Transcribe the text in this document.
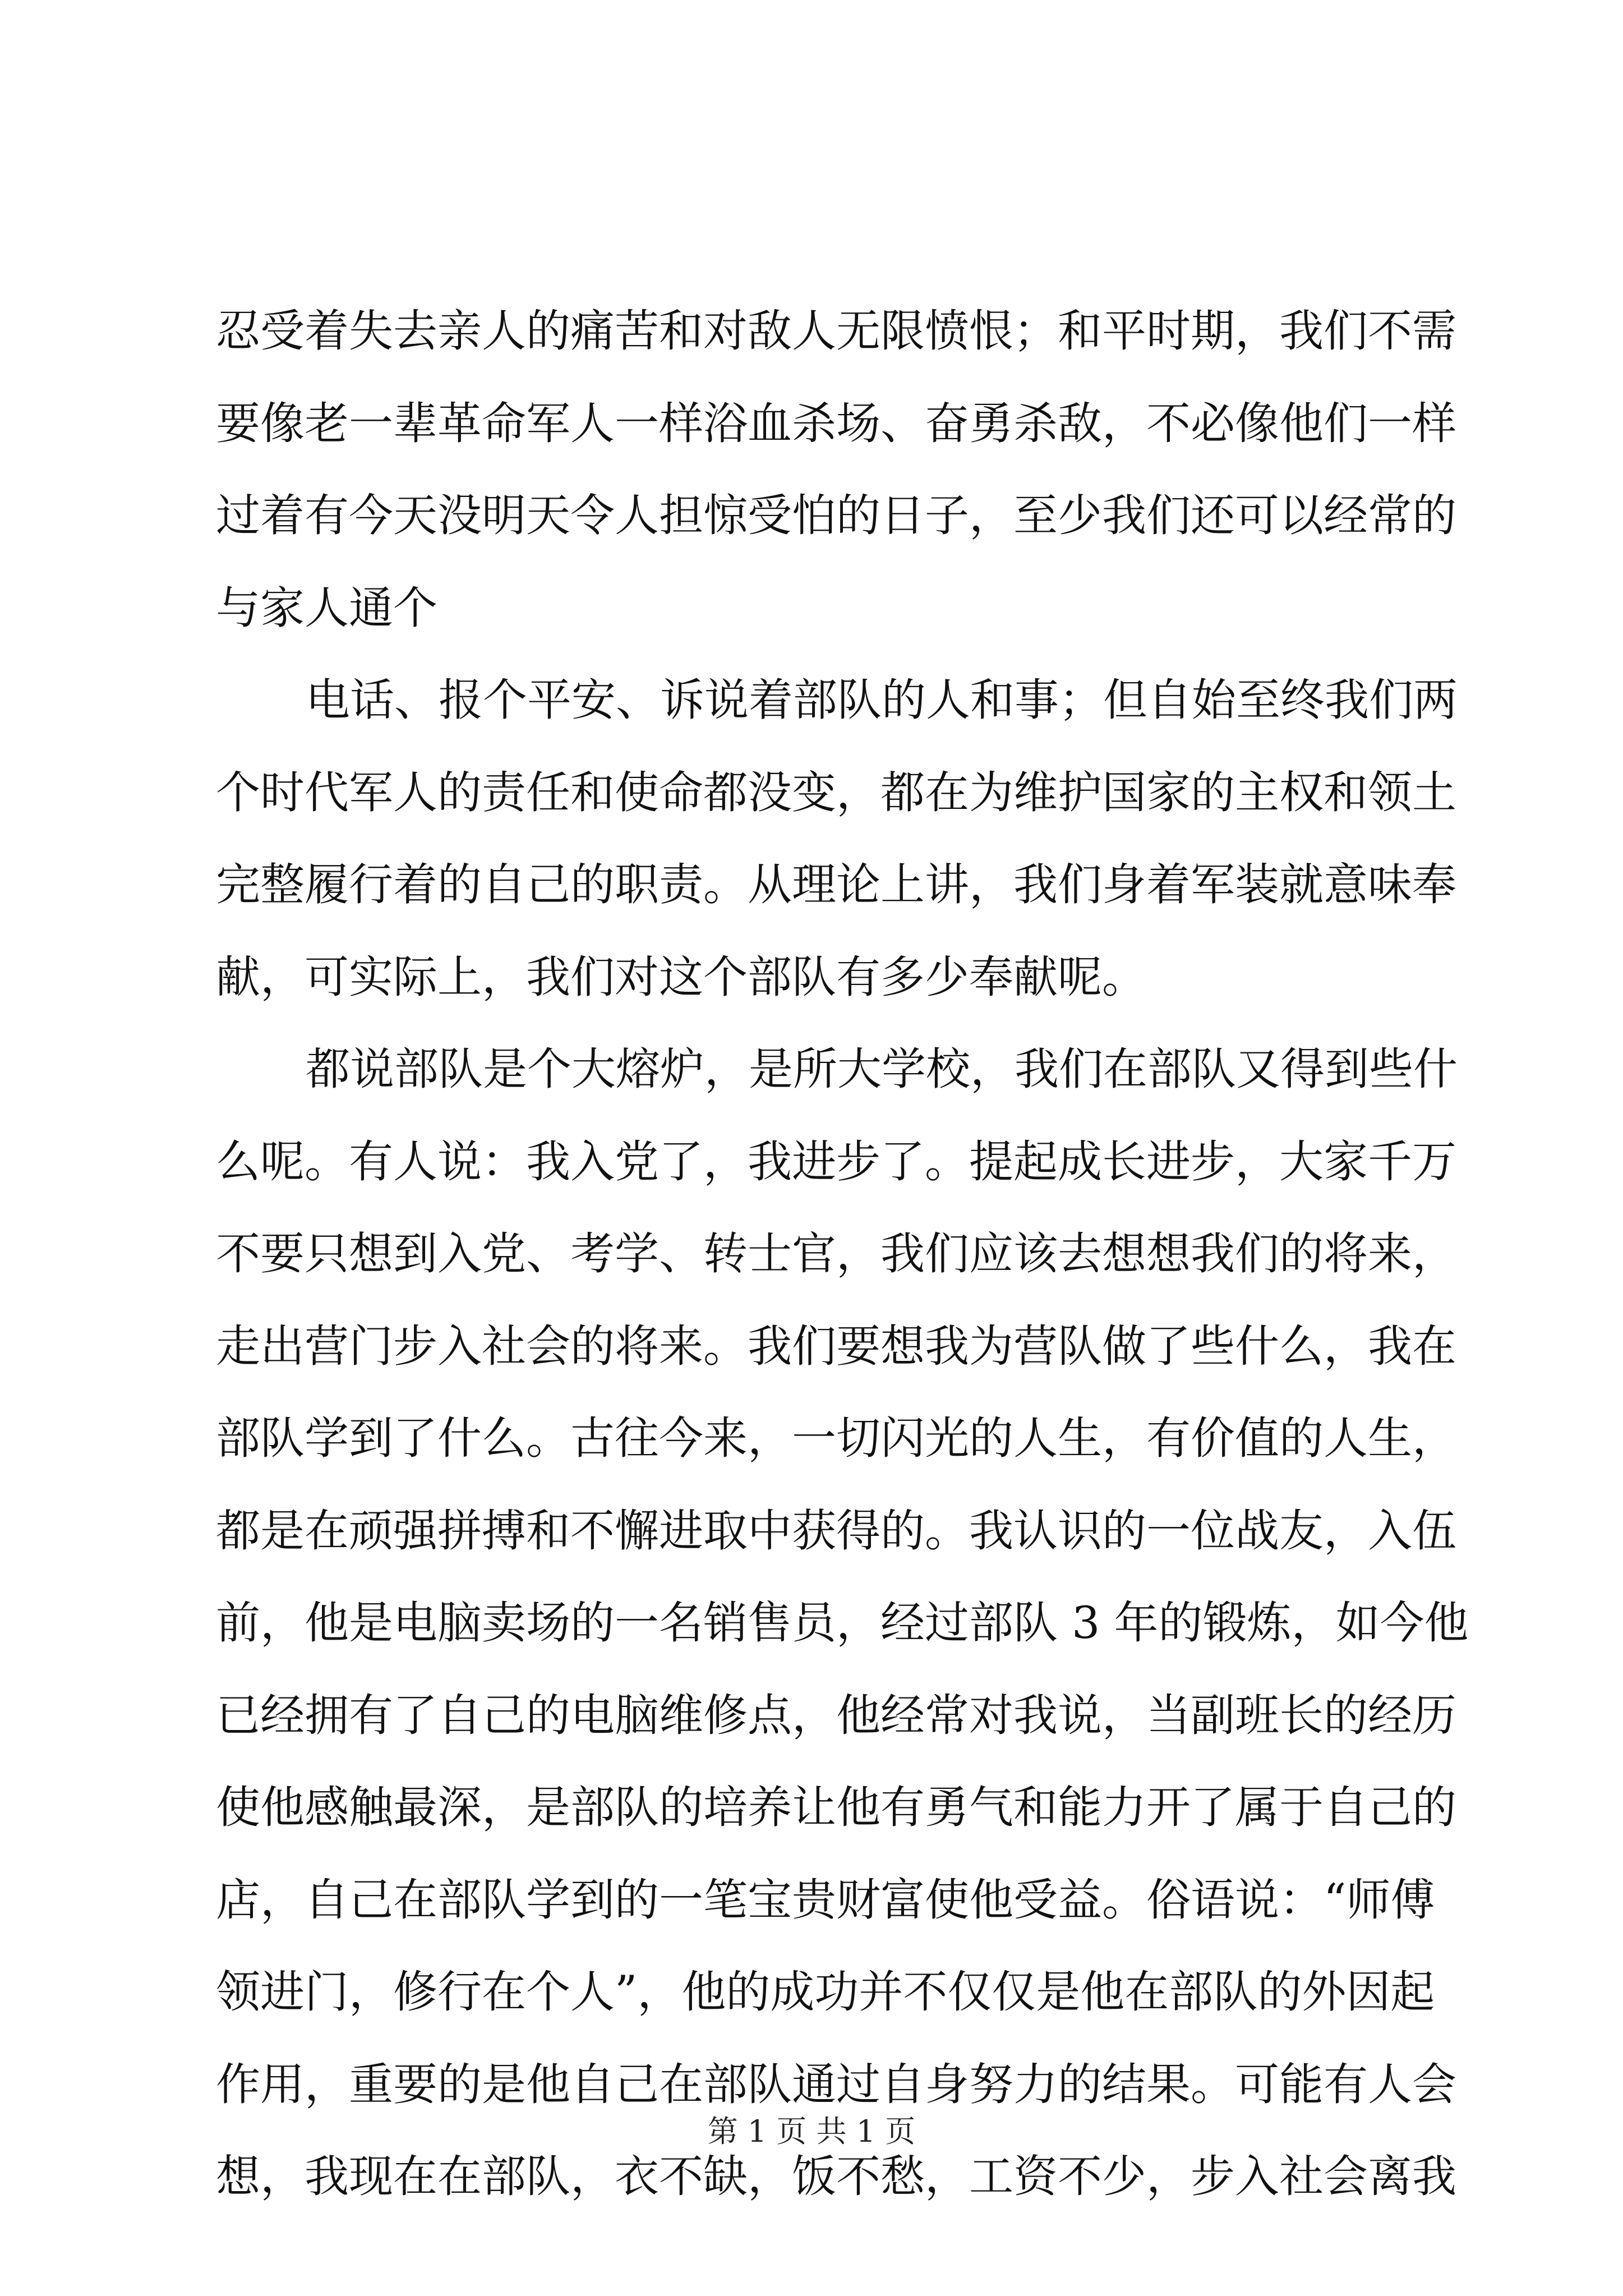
忍受着失去亲人的痛苦和对敌人无限愤恨；和平时期，我们不需
要像老一辈革命军人一样浴血杀场、奋勇杀敌，不必像他们一样
过着有今天没明天令人担惊受怕的日子，至少我们还可以经常的
与家人通个
电话、报个平安、诉说着部队的人和事；但自始至终我们两
个时代军人的责任和使命都没变，都在为维护国家的主权和领土
完整履行着的自己的职责。从理论上讲，我们身着军装就意味奉
献，可实际上，我们对这个部队有多少奉献呢。
都说部队是个大熔炉，是所大学校，我们在部队又得到些什
么呢。有人说：我入党了，我进步了。提起成长进步，大家千万
不要只想到入党、考学、转士官，我们应该去想想我们的将来，
走出营门步入社会的将来。我们要想我为营队做了些什么，我在
部队学到了什么。古往今来，一切闪光的人生，有价值的人生，
都是在顽强拼搏和不懈进取中获得的。我认识的一位战友，入伍
前，他是电脑卖场的一名销售员，经过部队 3 年的锻炼，如今他
已经拥有了自己的电脑维修点，他经常对我说，当副班长的经历
使他感触最深，是部队的培养让他有勇气和能力开了属于自己的
店，自己在部队学到的一笔宝贵财富使他受益。俗语说：“师傅
领进门，修行在个人”，他的成功并不仅仅是他在部队的外因起
作用，重要的是他自己在部队通过自身努力的结果。可能有人会
想，我现在在部队，衣不缺，饭不愁，工资不少，步入社会离我
第 1 页 共 1 页
